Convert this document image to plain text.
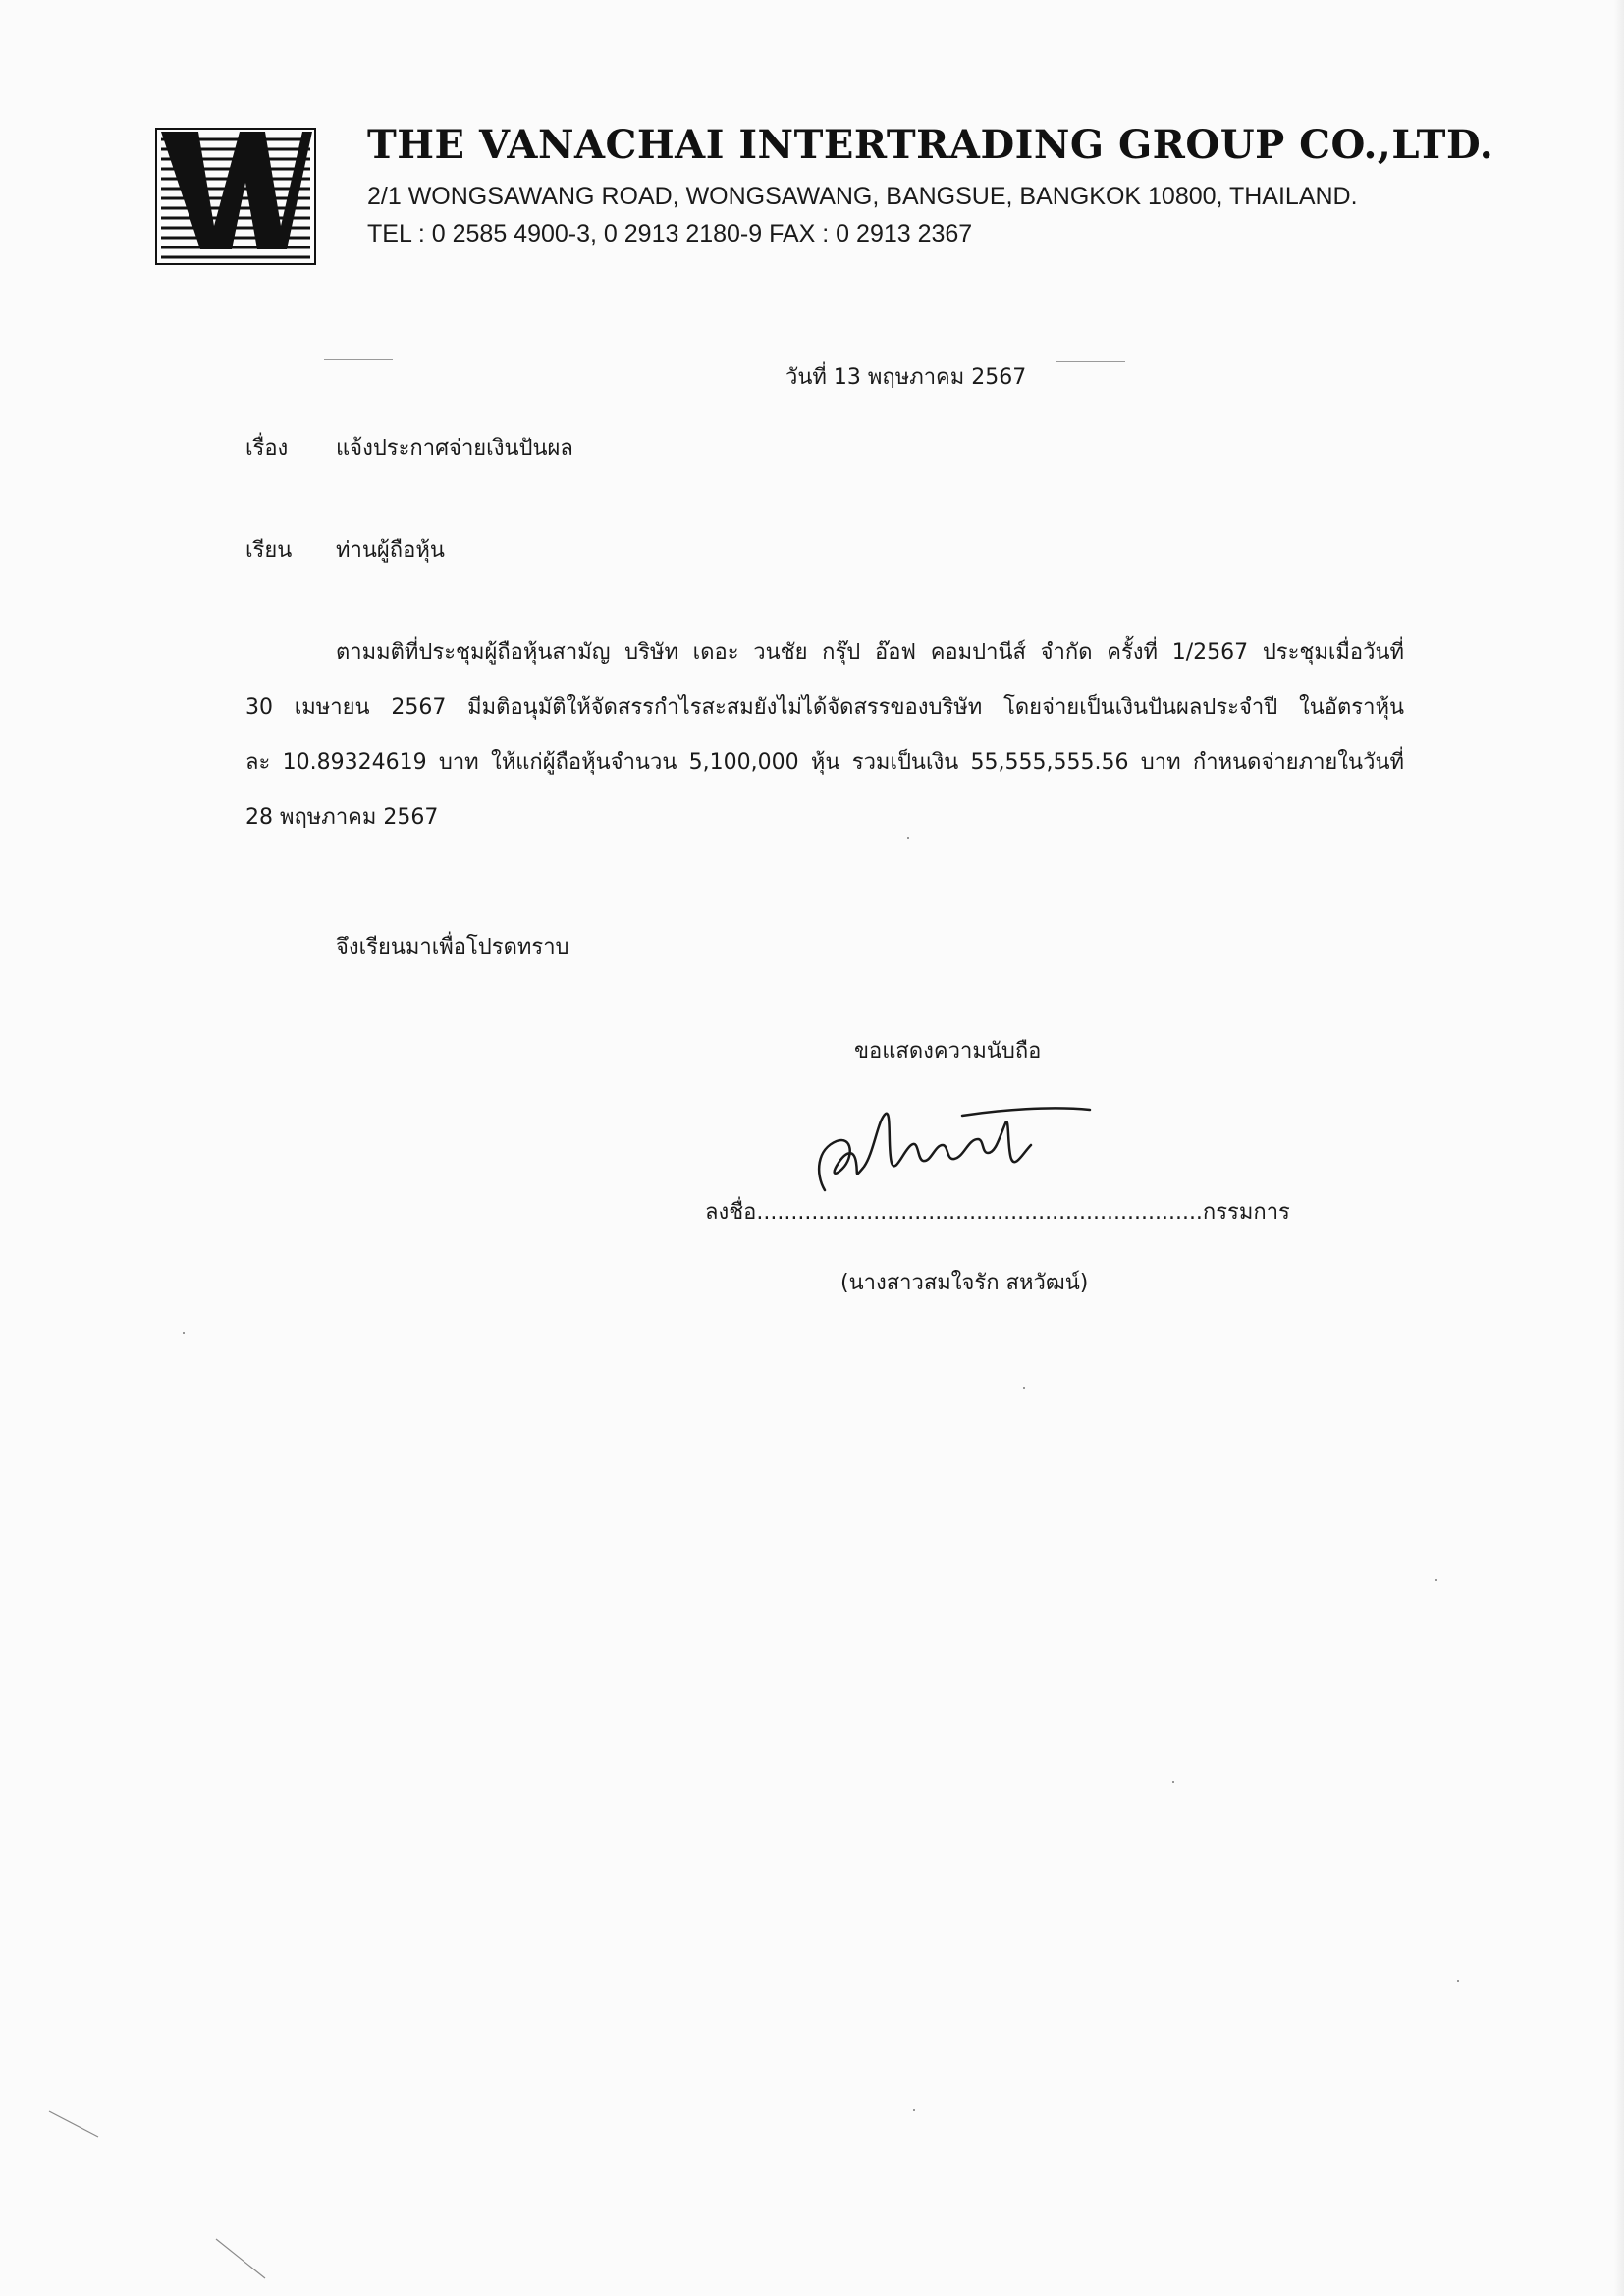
THE VANACHAI INTERTRADING GROUP CO.,LTD.
2/1 WONGSAWANG ROAD, WONGSAWANG, BANGSUE, BANGKOK 10800, THAILAND.
TEL : 0 2585 4900-3, 0 2913 2180-9 FAX : 0 2913 2367
วันที่ 13 พฤษภาคม 2567
เรื่อง แจ้งประกาศจ่ายเงินปันผล
เรียน ท่านผู้ถือหุ้น
ตามมติที่ประชุมผู้ถือหุ้นสามัญ บริษัท เดอะ วนชัย กรุ๊ป อ๊อฟ คอมปานีส์ จำกัด ครั้งที่ 1/2567 ประชุมเมื่อวันที่
30 เมษายน 2567 มีมติอนุมัติให้จัดสรรกำไรสะสมยังไม่ได้จัดสรรของบริษัท โดยจ่ายเป็นเงินปันผลประจำปี ในอัตราหุ้น
ละ 10.89324619 บาท ให้แก่ผู้ถือหุ้นจำนวน 5,100,000 หุ้น รวมเป็นเงิน 55,555,555.56 บาท กำหนดจ่ายภายในวันที่
28 พฤษภาคม 2567
จึงเรียนมาเพื่อโปรดทราบ
ขอแสดงความนับถือ
ลงชื่อ.................................................................กรรมการ
(นางสาวสมใจรัก สหวัฒน์)
